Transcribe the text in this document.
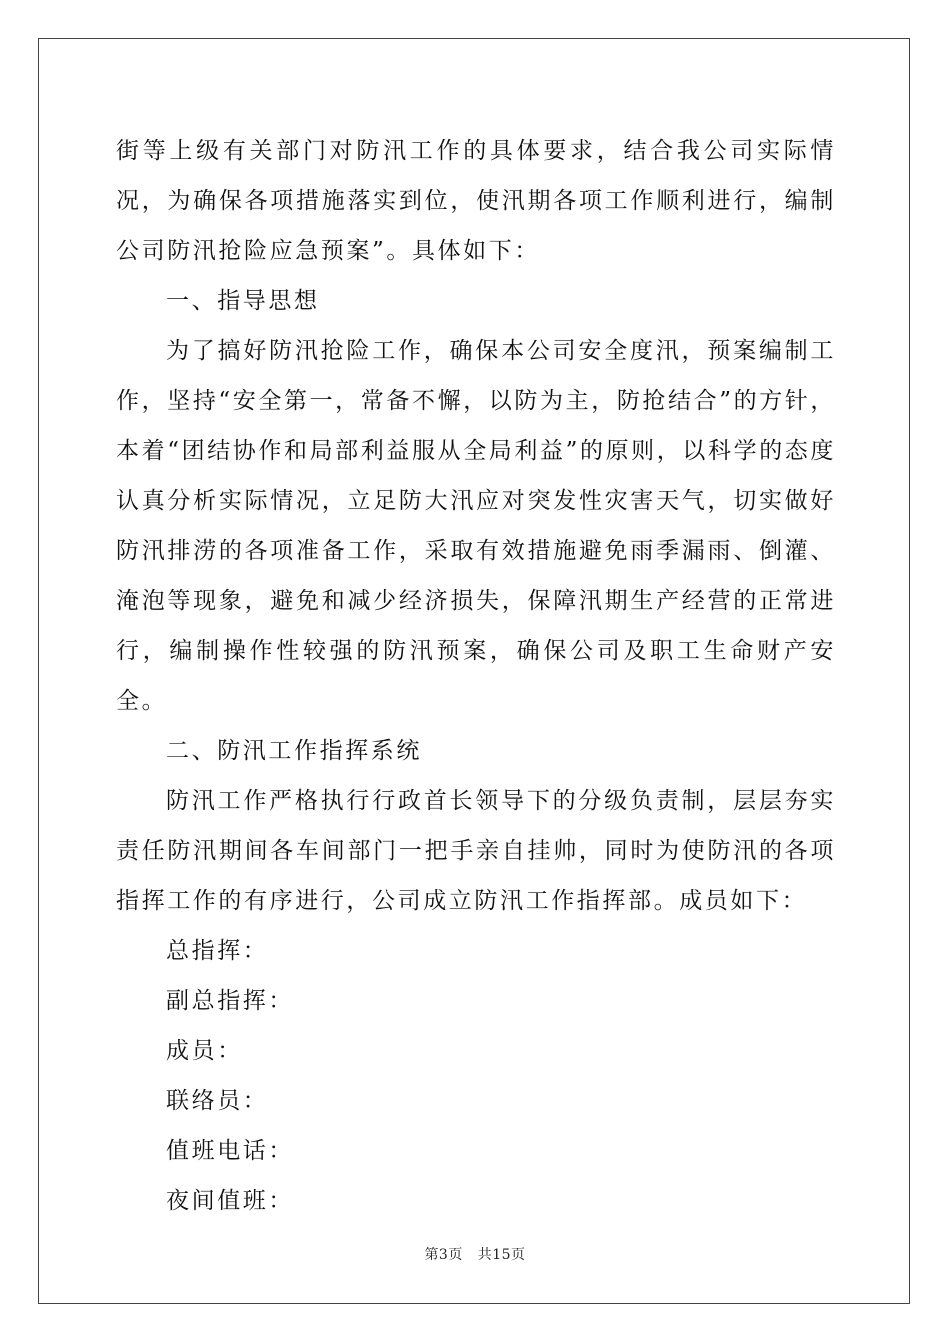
街等上级有关部门对防汛工作的具体要求，结合我公司实际情况，为确保各项措施落实到位，使汛期各项工作顺利进行，编制公司防汛抢险应急预案”。具体如下：

一、指导思想

为了搞好防汛抢险工作，确保本公司安全度汛，预案编制工作，坚持“安全第一，常备不懈，以防为主，防抢结合”的方针，本着“团结协作和局部利益服从全局利益”的原则，以科学的态度认真分析实际情况，立足防大汛应对突发性灾害天气，切实做好防汛排涝的各项准备工作，采取有效措施避免雨季漏雨、倒灌、淹泡等现象，避免和减少经济损失，保障汛期生产经营的正常进行，编制操作性较强的防汛预案，确保公司及职工生命财产安全。

二、防汛工作指挥系统

防汛工作严格执行行政首长领导下的分级负责制，层层夯实责任防汛期间各车间部门一把手亲自挂帅，同时为使防汛的各项指挥工作的有序进行，公司成立防汛工作指挥部。成员如下：

总指挥：

副总指挥：

成员：

联络员：

值班电话：

夜间值班：

第3页 共15页
